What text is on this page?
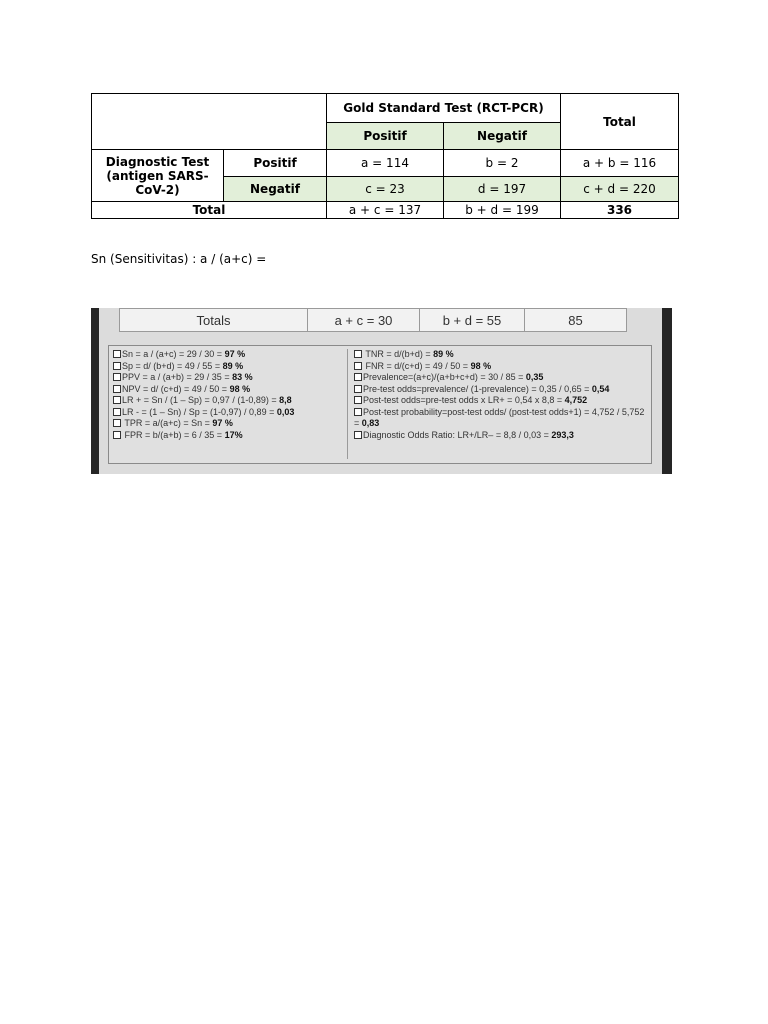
		Gold Standard Test (RCT-PCR)		Total
		Positif	Negatif	
Diagnostic Test (antigen SARS-CoV-2)	Positif	a = 114	b = 2	a + b = 116
	Negatif	c = 23	d = 197	c + d = 220
Total		a + c = 137	b + d = 199	336
Sn (Sensitivitas) : a / (a+c) =
Totals	a + c = 30	b + d = 55	85
Sn = a / (a+c) = 29 / 30 = 97 %
Sp = d/ (b+d) = 49 / 55 = 89 %
PPV = a / (a+b) = 29 / 35 = 83 %
NPV = d/ (c+d) = 49 / 50 = 98 %
LR + = Sn / (1 – Sp) = 0,97 / (1-0,89) = 8,8
LR - = (1 – Sn) / Sp = (1-0,97) / 0,89 = 0,03
TPR = a/(a+c) = Sn = 97 %
FPR = b/(a+b) = 6 / 35 = 17%
TNR = d/(b+d) = 89 %
FNR = d/(c+d) = 49 / 50 = 98 %
Prevalence=(a+c)/(a+b+c+d) = 30 / 85 = 0,35
Pre-test odds=prevalence/ (1-prevalence) = 0,35 / 0,65 = 0,54
Post-test odds=pre-test odds x LR+ = 0,54 x 8,8 = 4,752
Post-test probability=post-test odds/ (post-test odds+1) = 4,752 / 5,752 = 0,83
Diagnostic Odds Ratio: LR+/LR– = 8,8 / 0,03 = 293,3
